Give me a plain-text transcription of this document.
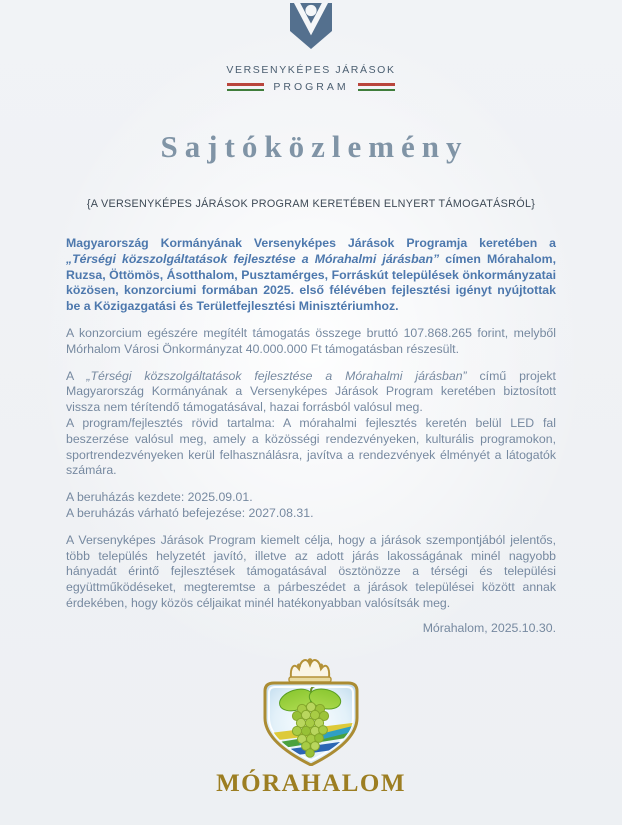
VERSENYKÉPES JÁRÁSOK
PROGRAM
Sajtóközlemény
{A VERSENYKÉPES JÁRÁSOK PROGRAM KERETÉBEN ELNYERT TÁMOGATÁSRÓL}

Magyarország Kormányának Versenyképes Járások Programja keretében a „Térségi közszolgáltatások fejlesztése a Mórahalmi járásban” címen Mórahalom, Ruzsa, Öttömös, Ásotthalom, Pusztamérges, Forráskút települések önkormányzatai közösen, konzorciumi formában 2025. első félévében fejlesztési igényt nyújtottak be a Közigazgatási és Területfejlesztési Minisztériumhoz.

A konzorcium egészére megítélt támogatás összege bruttó 107.868.265 forint, melyből Mórhalom Városi Önkormányzat 40.000.000 Ft támogatásban részesült.

A „Térségi közszolgáltatások fejlesztése a Mórahalmi járásban” című projekt Magyarország Kormányának a Versenyképes Járások Program keretében biztosított vissza nem térítendő támogatásával, hazai forrásból valósul meg.

A program/fejlesztés rövid tartalma: A mórahalmi fejlesztés keretén belül LED fal beszerzése valósul meg, amely a közösségi rendezvényeken, kulturális programokon, sportrendezvényeken kerül felhasználásra, javítva a rendezvények élményét a látogatók számára.

A beruházás kezdete: 2025.09.01.

A beruházás várható befejezése: 2027.08.31.

A Versenyképes Járások Program kiemelt célja, hogy a járások szempontjából jelentős, több település helyzetét javító, illetve az adott járás lakosságának minél nagyobb hányadát érintő fejlesztések támogatásával ösztönözze a térségi és települési együttműködéseket, megteremtse a párbeszédet a járások települései között annak érdekében, hogy közös céljaikat minél hatékonyabban valósítsák meg.

Mórahalom, 2025.10.30.
MÓRAHALOM
